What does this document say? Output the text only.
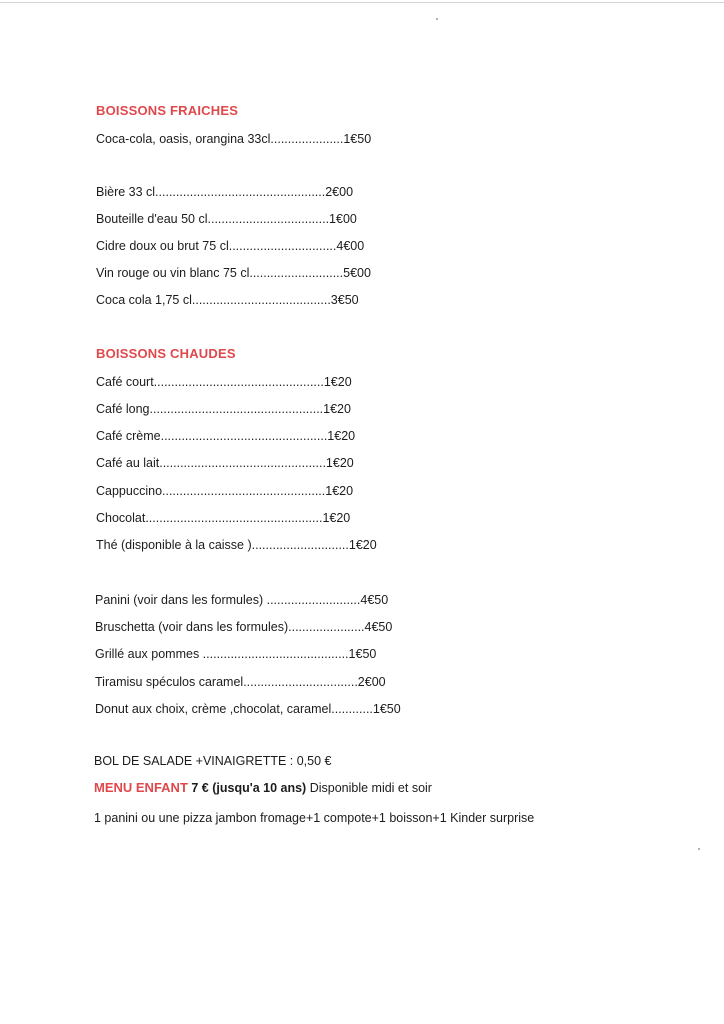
BOISSONS FRAICHES
Coca-cola, oasis, orangina 33cl.....................1€50
Bière 33 cl.................................................2€00
Bouteille d'eau 50 cl...................................1€00
Cidre doux ou brut 75 cl...............................4€00
Vin rouge ou vin blanc 75 cl...........................5€00
Coca cola 1,75 cl........................................3€50
BOISSONS CHAUDES
Café court.................................................1€20
Café long..................................................1€20
Café crème................................................1€20
Café au lait................................................1€20
Cappuccino...............................................1€20
Chocolat...................................................1€20
Thé (disponible à la caisse )............................1€20
Panini (voir dans les formules) ...........................4€50
Bruschetta (voir dans les formules)......................4€50
Grillé aux pommes ..........................................1€50
Tiramisu spéculos caramel.................................2€00
Donut aux choix, crème ,chocolat, caramel............1€50
BOL DE SALADE +VINAIGRETTE : 0,50 €
MENU ENFANT 7 € (jusqu'a 10 ans) Disponible midi et soir
1 panini ou une pizza jambon fromage+1 compote+1 boisson+1 Kinder surprise
